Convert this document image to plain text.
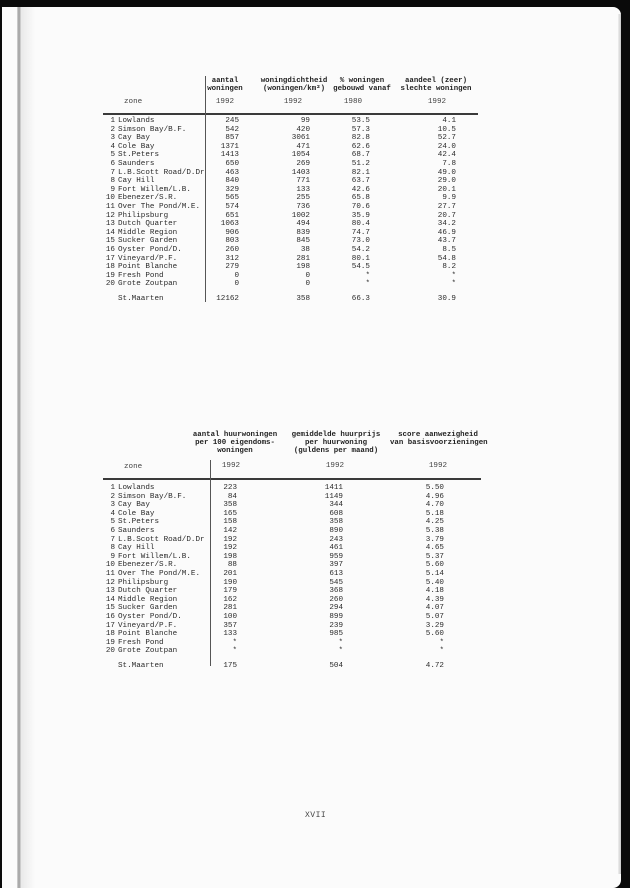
aantal
woningen
woningdichtheid
(woningen/km²)
% woningen
gebouwd vanaf
aandeel (zeer)
slechte woningen
zone	1992	1992	1980	1992
1 Lowlands	245	99	53.5	4.1
2 Simson Bay/B.F.	542	420	57.3	10.5
3 Cay Bay	857	3061	82.8	52.7
4 Cole Bay	1371	471	62.6	24.0
5 St.Peters	1413	1054	68.7	42.4
6 Saunders	650	269	51.2	7.8
7 L.B.Scott Road/D.Dr	463	1403	82.1	49.0
8 Cay Hill	840	771	63.7	29.0
9 Fort Willem/L.B.	329	133	42.6	20.1
10 Ebenezer/S.R.	565	255	65.8	9.9
11 Over The Pond/M.E.	574	736	70.6	27.7
12 Philipsburg	651	1002	35.9	20.7
13 Dutch Quarter	1063	494	80.4	34.2
14 Middle Region	906	839	74.7	46.9
15 Sucker Garden	803	845	73.0	43.7
16 Oyster Pond/D.	260	38	54.2	8.5
17 Vineyard/P.F.	312	281	80.1	54.8
18 Point Blanche	279	198	54.5	8.2
19 Fresh Pond	0	0	*	*
20 Grote Zoutpan	0	0	*	*
St.Maarten	12162	358	66.3	30.9
aantal huurwoningen
per 100 eigendoms-
woningen
gemiddelde huurprijs
per huurwoning
(guldens per maand)
score aanwezigheid
van basisvoorzieningen
zone	1992	1992	1992
1 Lowlands	223	1411	5.50
2 Simson Bay/B.F.	84	1149	4.96
3 Cay Bay	358	344	4.70
4 Cole Bay	165	608	5.18
5 St.Peters	158	358	4.25
6 Saunders	142	890	5.38
7 L.B.Scott Road/D.Dr	192	243	3.79
8 Cay Hill	192	461	4.65
9 Fort Willem/L.B.	198	959	5.37
10 Ebenezer/S.R.	88	397	5.60
11 Over The Pond/M.E.	201	613	5.14
12 Philipsburg	190	545	5.40
13 Dutch Quarter	179	368	4.18
14 Middle Region	162	260	4.39
15 Sucker Garden	281	294	4.07
16 Oyster Pond/D.	100	899	5.07
17 Vineyard/P.F.	357	239	3.29
18 Point Blanche	133	985	5.60
19 Fresh Pond	*	*	*
20 Grote Zoutpan	*	*	*
St.Maarten	175	504	4.72
XVII
